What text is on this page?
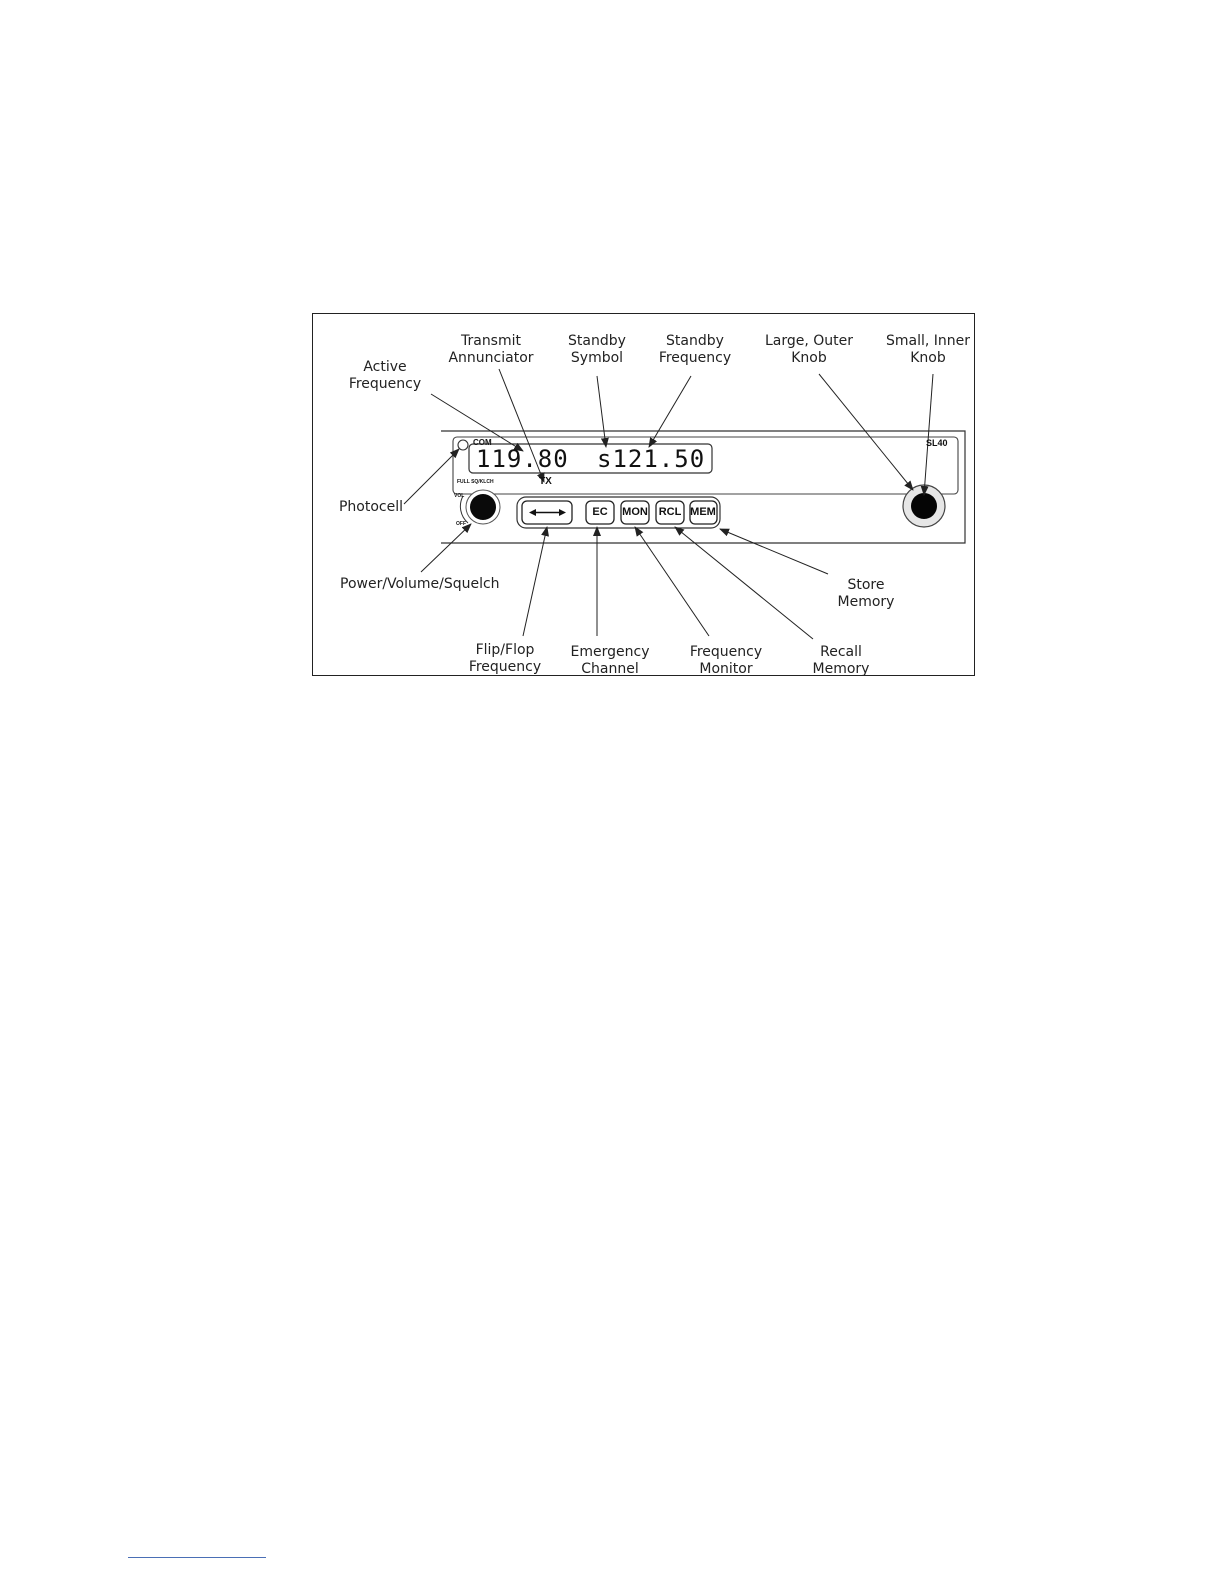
119.80 s121.50
COM	SL40
TX
FULL SQ/KLCH
VOL
OFF
EC	MON RCL MEM
Transmit
Annunciator
Standby
Symbol
Standby
Frequency
Large, Outer
Knob
Small, Inner
Knob
Active
Frequency
Photocell
Power/Volume/Squelch	Store
Memory
Flip/Flop
Frequency
Emergency
Channel
Frequency
Monitor
Recall
Memory
